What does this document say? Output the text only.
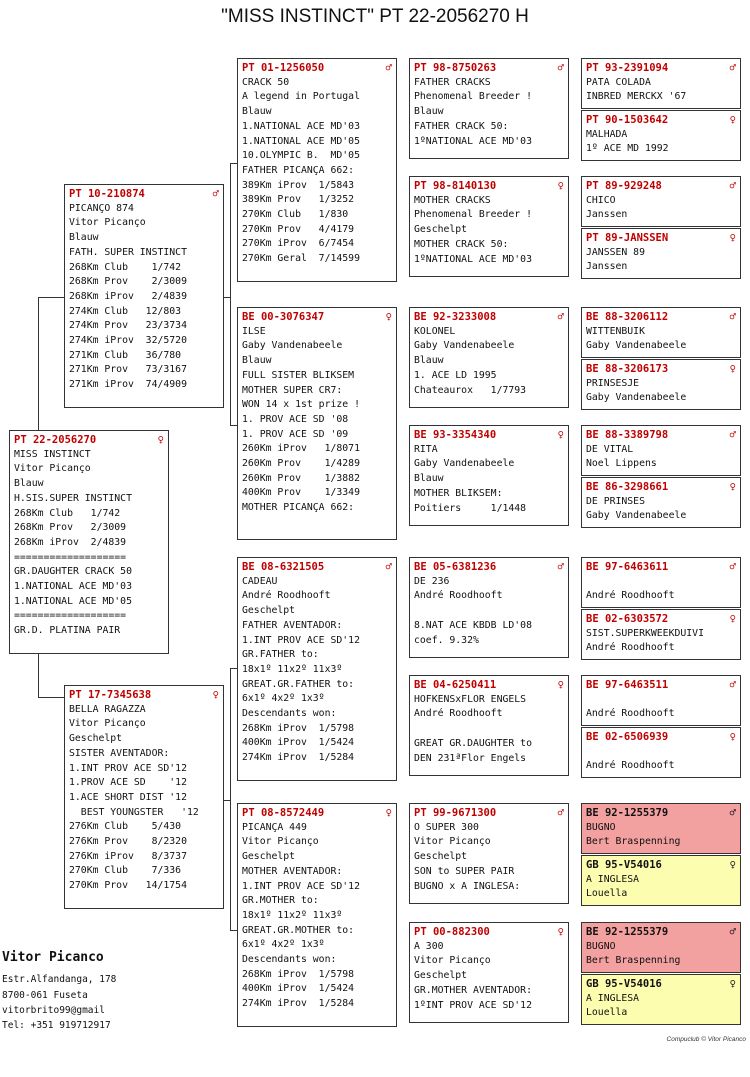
"MISS INSTINCT" PT 22-2056270 H
PT 22-2056270	♀
MISS INSTINCT
Vitor Picanço
Blauw
H.SIS.SUPER INSTINCT
268Km Club   1/742
268Km Prov   2/3009
268Km iProv  2/4839
===================
GR.DAUGHTER CRACK 50
1.NATIONAL ACE MD'03
1.NATIONAL ACE MD'05
===================
GR.D. PLATINA PAIR
PT 10-210874	♂
PICANÇO 874
Vitor Picanço
Blauw
FATH. SUPER INSTINCT
268Km Club    1/742
268Km Prov    2/3009
268Km iProv   2/4839
274Km Club   12/803
274Km Prov   23/3734
274Km iProv  32/5720
271Km Club   36/780
271Km Prov   73/3167
271Km iProv  74/4909
PT 17-7345638	♀
BELLA RAGAZZA
Vitor Picanço
Geschelpt
SISTER AVENTADOR:
1.INT PROV ACE SD'12
1.PROV ACE SD    '12
1.ACE SHORT DIST '12
BEST YOUNGSTER   '12
276Km Club    5/430
276Km Prov    8/2320
276Km iProv   8/3737
270Km Club    7/336
270Km Prov   14/1754
PT 01-1256050	♂
CRACK 50
A legend in Portugal
Blauw
1.NATIONAL ACE MD'03
1.NATIONAL ACE MD'05
10.OLYMPIC B.  MD'05
FATHER PICANÇA 662:
389Km iProv  1/5843
389Km Prov   1/3252
270Km Club   1/830
270Km Prov   4/4179
270Km iProv  6/7454
270Km Geral  7/14599
BE 00-3076347	♀
ILSE
Gaby Vandenabeele
Blauw
FULL SISTER BLIKSEM
MOTHER SUPER CR7:
WON 14 x 1st prize !
1. PROV ACE SD '08
1. PROV ACE SD '09
260Km iProv   1/8071
260Km Prov    1/4289
260Km Prov    1/3882
400Km Prov    1/3349
MOTHER PICANÇA 662:
BE 08-6321505	♂
CADEAU
André Roodhooft
Geschelpt
FATHER AVENTADOR:
1.INT PROV ACE SD'12
GR.FATHER to:
18x1º 11x2º 11x3º
GREAT.GR.FATHER to:
6x1º 4x2º 1x3º
Descendants won:
268Km iProv  1/5798
400Km iProv  1/5424
274Km iProv  1/5284
PT 08-8572449	♀
PICANÇA 449
Vitor Picanço
Geschelpt
MOTHER AVENTADOR:
1.INT PROV ACE SD'12
GR.MOTHER to:
18x1º 11x2º 11x3º
GREAT.GR.MOTHER to:
6x1º 4x2º 1x3º
Descendants won:
268Km iProv  1/5798
400Km iProv  1/5424
274Km iProv  1/5284
PT 98-8750263	♂
FATHER CRACKS
Phenomenal Breeder !
Blauw
FATHER CRACK 50:
1ºNATIONAL ACE MD'03
PT 98-8140130	♀
MOTHER CRACKS
Phenomenal Breeder !
Geschelpt
MOTHER CRACK 50:
1ºNATIONAL ACE MD'03
BE 92-3233008	♂
KOLONEL
Gaby Vandenabeele
Blauw
1. ACE LD 1995
Chateaurox   1/7793
BE 93-3354340	♀
RITA
Gaby Vandenabeele
Blauw
MOTHER BLIKSEM:
Poitiers     1/1448
BE 05-6381236	♂
DE 236
André Roodhooft
8.NAT ACE KBDB LD'08
coef. 9.32%
BE 04-6250411	♀
HOFKENSxFLOR ENGELS
André Roodhooft
GREAT GR.DAUGHTER to
DEN 231ªFlor Engels
PT 99-9671300	♂
O SUPER 300
Vitor Picanço
Geschelpt
SON to SUPER PAIR
BUGNO x A INGLESA:
PT 00-882300	♀
A 300
Vitor Picanço
Geschelpt
GR.MOTHER AVENTADOR:
1ºINT PROV ACE SD'12
PT 93-2391094	♂
PATA COLADA
INBRED MERCKX '67
PT 90-1503642	♀
MALHADA
1º ACE MD 1992
PT 89-929248	♂
CHICO
Janssen
PT 89-JANSSEN	♀
JANSSEN 89
Janssen
BE 88-3206112	♂
WITTENBUIK
Gaby Vandenabeele
BE 88-3206173	♀
PRINSESJE
Gaby Vandenabeele
BE 88-3389798	♂
DE VITAL
Noel Lippens
BE 86-3298661	♀
DE PRINSES
Gaby Vandenabeele
BE 97-6463611	♂
André Roodhooft
BE 02-6303572	♀
SIST.SUPERKWEEKDUIVI
André Roodhooft
BE 97-6463511	♂
André Roodhooft
BE 02-6506939	♀
André Roodhooft
BE 92-1255379	♂
BUGNO
Bert Braspenning
GB 95-V54016	♀
A INGLESA
Louella
BE 92-1255379	♂
BUGNO
Bert Braspenning
GB 95-V54016	♀
A INGLESA
Louella
Vitor Picanco
Estr.Alfandanga, 178
8700-061 Fuseta
vitorbrito99@gmail
Tel: +351 919712917
Compuclub © Vitor Picanco
